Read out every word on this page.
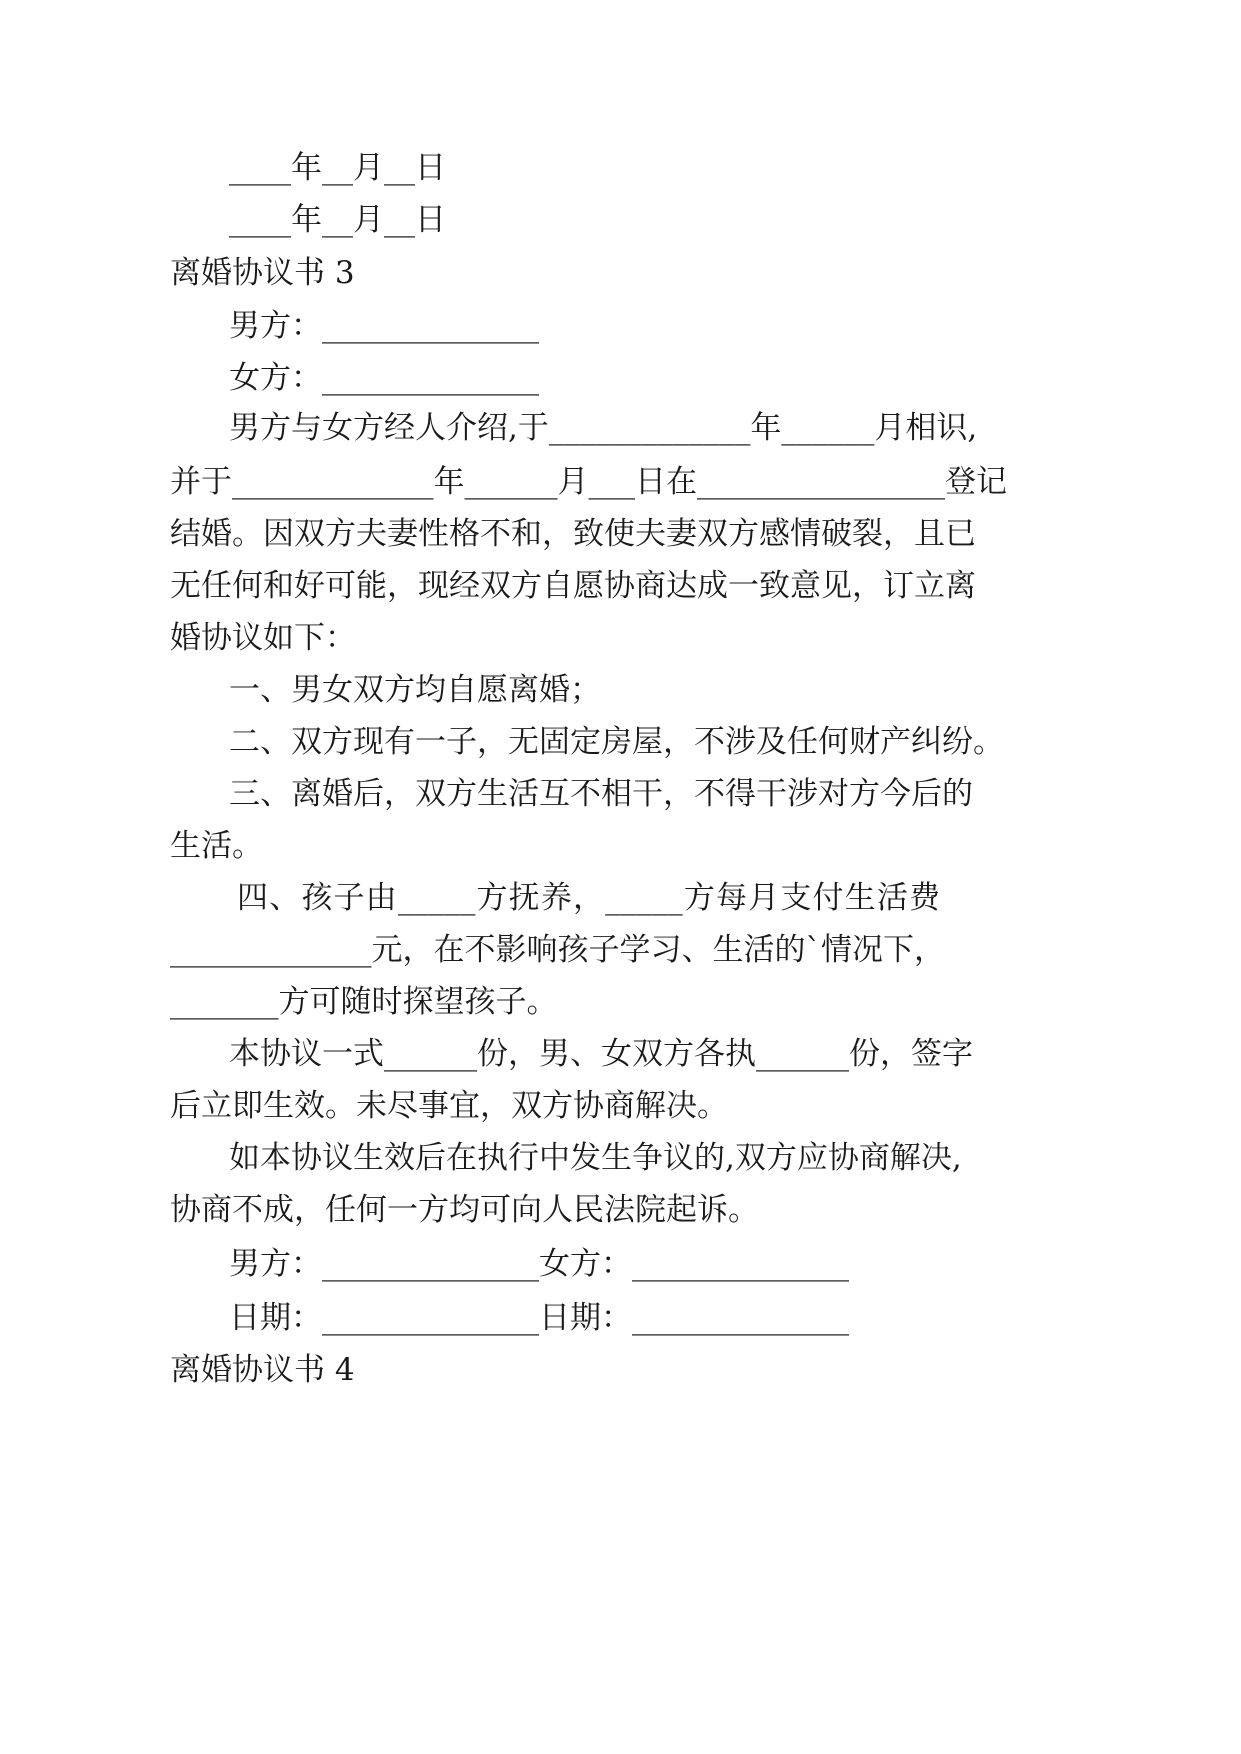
____年__月__日
____年__月__日
离婚协议书 3
男方：______________
女方：______________
男方与女方经人介绍,于_____________年______月相识,
并于_____________年______月___日在________________登记
结婚。因双方夫妻性格不和，致使夫妻双方感情破裂，且已
无任何和好可能，现经双方自愿协商达成一致意见，订立离
婚协议如下：
一、男女双方均自愿离婚；
二、双方现有一子，无固定房屋，不涉及任何财产纠纷。
三、离婚后，双方生活互不相干，不得干涉对方今后的
生活。
四、孩子由_____方抚养，_____方每月支付生活费
_____________元，在不影响孩子学习、生活的`情况下，
_______方可随时探望孩子。
本协议一式______份，男、女双方各执______份，签字
后立即生效。未尽事宜，双方协商解决。
如本协议生效后在执行中发生争议的,双方应协商解决,
协商不成，任何一方均可向人民法院起诉。
男方：______________女方：______________
日期：______________日期：______________
离婚协议书 4
